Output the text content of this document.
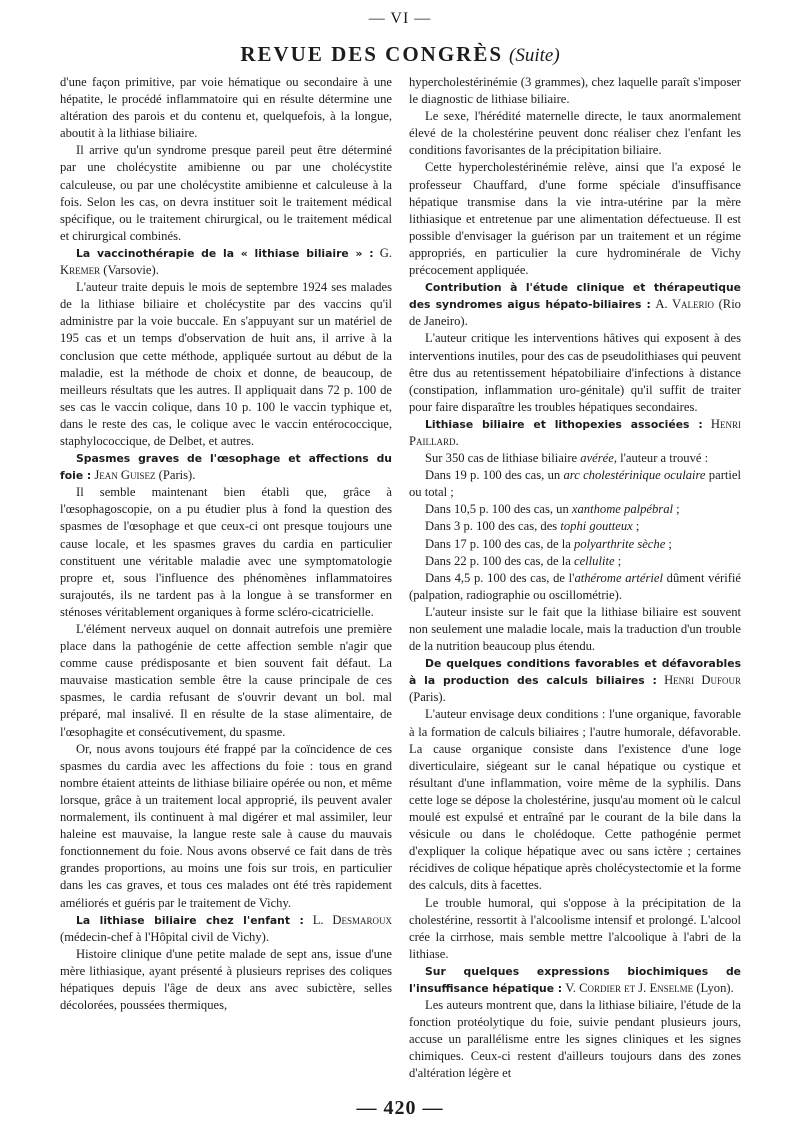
— VI —
REVUE DES CONGRÈS (Suite)

d'une façon primitive, par voie hématique ou secondaire à une hépatite, le procédé inflammatoire qui en résulte détermine une altération des parois et du contenu et, quelquefois, à la longue, aboutit à la lithiase biliaire.

Il arrive qu'un syndrome presque pareil peut être déterminé par une cholécystite amibienne ou par une cholécystite calculeuse, ou par une cholécystite amibienne et calculeuse à la fois. Selon les cas, on devra instituer soit le traitement médical spécifique, ou le traitement chirurgical, ou le traitement médical et chirurgical combinés.

La vaccinothérapie de la « lithiase biliaire » : G. Kremer (Varsovie).

L'auteur traite depuis le mois de septembre 1924 ses malades de la lithiase biliaire et cholécystite par des vaccins qu'il administre par la voie buccale. En s'appuyant sur un matériel de 195 cas et un temps d'observation de huit ans, il arrive à la conclusion que cette méthode, appliquée surtout au début de la maladie, est la méthode de choix et donne, de beaucoup, de meilleurs résultats que les autres. Il appliquait dans 72 p. 100 de ses cas le vaccin colique, dans 10 p. 100 le vaccin typhique et, dans le reste des cas, le colique avec le vaccin entérococcique, staphylococcique, de Delbet, et autres.

Spasmes graves de l'œsophage et affections du foie : Jean Guisez (Paris).

Il semble maintenant bien établi que, grâce à l'œsophagoscopie, on a pu étudier plus à fond la question des spasmes de l'œsophage et que ceux-ci ont presque toujours une cause locale, et les spasmes graves du cardia en particulier constituent une véritable maladie avec une symptomatologie propre et, sous l'influence des phénomènes inflammatoires surajoutés, ils ne tardent pas à la longue à se transformer en sténoses véritablement organiques à forme scléro-cicatricielle.

L'élément nerveux auquel on donnait autrefois une première place dans la pathogénie de cette affection semble n'agir que comme cause prédisposante et bien souvent fait défaut. La mauvaise mastication semble être la cause principale de ces spasmes, le cardia refusant de s'ouvrir devant un bol. mal préparé, mal insalivé. Il en résulte de la stase alimentaire, de l'œsophagite et consécutivement, du spasme.

Or, nous avons toujours été frappé par la coïncidence de ces spasmes du cardia avec les affections du foie : tous en grand nombre étaient atteints de lithiase biliaire opérée ou non, et même lorsque, grâce à un traitement local approprié, ils peuvent avaler normalement, ils continuent à mal digérer et mal assimiler, leur haleine est mauvaise, la langue reste sale à cause du mauvais fonctionnement du foie. Nous avons observé ce fait dans de très grandes proportions, au moins une fois sur trois, en particulier dans les cas graves, et tous ces malades ont été très rapidement améliorés et guéris par le traitement de Vichy.

La lithiase biliaire chez l'enfant : L. Desmaroux (médecin-chef à l'Hôpital civil de Vichy).

Histoire clinique d'une petite malade de sept ans, issue d'une mère lithiasique, ayant présenté à plusieurs reprises des coliques hépatiques depuis l'âge de deux ans avec subictère, selles décolorées, poussées thermiques,

hypercholestérinémie (3 grammes), chez laquelle paraît s'imposer le diagnostic de lithiase biliaire.

Le sexe, l'hérédité maternelle directe, le taux anormalement élevé de la cholestérine peuvent donc réaliser chez l'enfant les conditions favorisantes de la précipitation biliaire.

Cette hypercholestérinémie relève, ainsi que l'a exposé le professeur Chauffard, d'une forme spéciale d'insuffisance hépatique transmise dans la vie intra-utérine par la mère lithiasique et entretenue par une alimentation défectueuse. Il est possible d'envisager la guérison par un traitement et un régime appropriés, en particulier la cure hydrominérale de Vichy précocement appliquée.

Contribution à l'étude clinique et thérapeutique des syndromes aigus hépato-biliaires : A. Valerio (Rio de Janeiro).

L'auteur critique les interventions hâtives qui exposent à des interventions inutiles, pour des cas de pseudolithiases qui peuvent être dus au retentissement hépatobiliaire d'infections à distance (constipation, inflammation uro-génitale) qu'il suffit de traiter pour faire disparaître les troubles hépatiques secondaires.

Lithiase biliaire et lithopexies associées : Henri Paillard.

Sur 350 cas de lithiase biliaire avérée, l'auteur a trouvé :

Dans 19 p. 100 des cas, un arc cholestérinique oculaire partiel ou total ;

Dans 10,5 p. 100 des cas, un xanthome palpébral ;

Dans 3 p. 100 des cas, des tophi goutteux ;

Dans 17 p. 100 des cas, de la polyarthrite sèche ;

Dans 22 p. 100 des cas, de la cellulite ;

Dans 4,5 p. 100 des cas, de l'athérome artériel dûment vérifié (palpation, radiographie ou oscillométrie).

L'auteur insiste sur le fait que la lithiase biliaire est souvent non seulement une maladie locale, mais la traduction d'un trouble de la nutrition beaucoup plus étendu.

De quelques conditions favorables et défavorables à la production des calculs biliaires : Henri Dufour (Paris).

L'auteur envisage deux conditions : l'une organique, favorable à la formation de calculs biliaires ; l'autre humorale, défavorable. La cause organique consiste dans l'existence d'une loge diverticulaire, siégeant sur le canal hépatique ou cystique et résultant d'une inflammation, voire même de la syphilis. Dans cette loge se dépose la cholestérine, jusqu'au moment où le calcul moulé est expulsé et entraîné par le courant de la bile dans la vésicule ou dans le cholédoque. Cette pathogénie permet d'expliquer la colique hépatique avec ou sans ictère ; certaines récidives de colique hépatique après cholécystectomie et la forme des calculs, dits à facettes.

Le trouble humoral, qui s'oppose à la précipitation de la cholestérine, ressortit à l'alcoolisme intensif et prolongé. L'alcool crée la cirrhose, mais semble mettre l'alcoolique à l'abri de la lithiase.

Sur quelques expressions biochimiques de l'insuffisance hépatique : V. Cordier et J. Enselme (Lyon).

Les auteurs montrent que, dans la lithiase biliaire, l'étude de la fonction protéolytique du foie, suivie pendant plusieurs jours, accuse un parallélisme entre les signes cliniques et les signes chimiques. Ceux-ci restent d'ailleurs toujours dans des zones d'altération légère et

— 420 —
